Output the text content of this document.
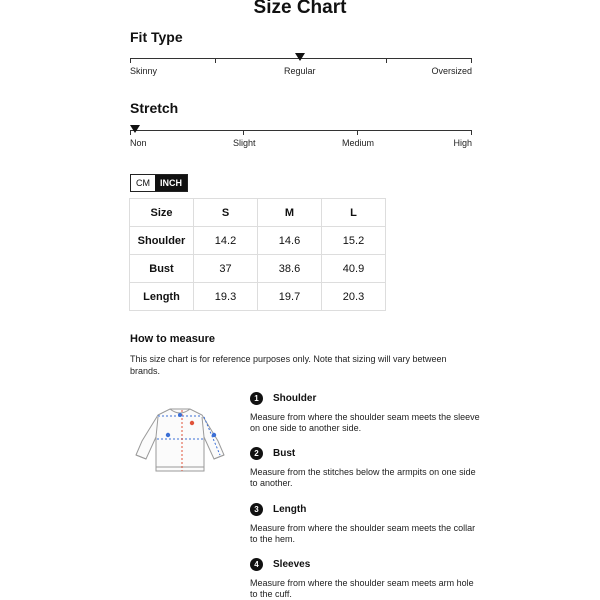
Size Chart
Fit Type
Skinny	Regular	Oversized
Stretch
Non	Slight	Medium	High
CM	INCH
Size	S	M	L
Shoulder	14.2	14.6	15.2
Bust	37	38.6	40.9
Length	19.3	19.7	20.3
How to measure
This size chart is for reference purposes only. Note that sizing will vary between brands.
1	Shoulder
Measure from where the shoulder seam meets the sleeve on one side to another side.
2	Bust
Measure from the stitches below the armpits on one side to another.
3	Length
Measure from where the shoulder seam meets the collar to the hem.
4	Sleeves
Measure from where the shoulder seam meets arm hole to the cuff.
